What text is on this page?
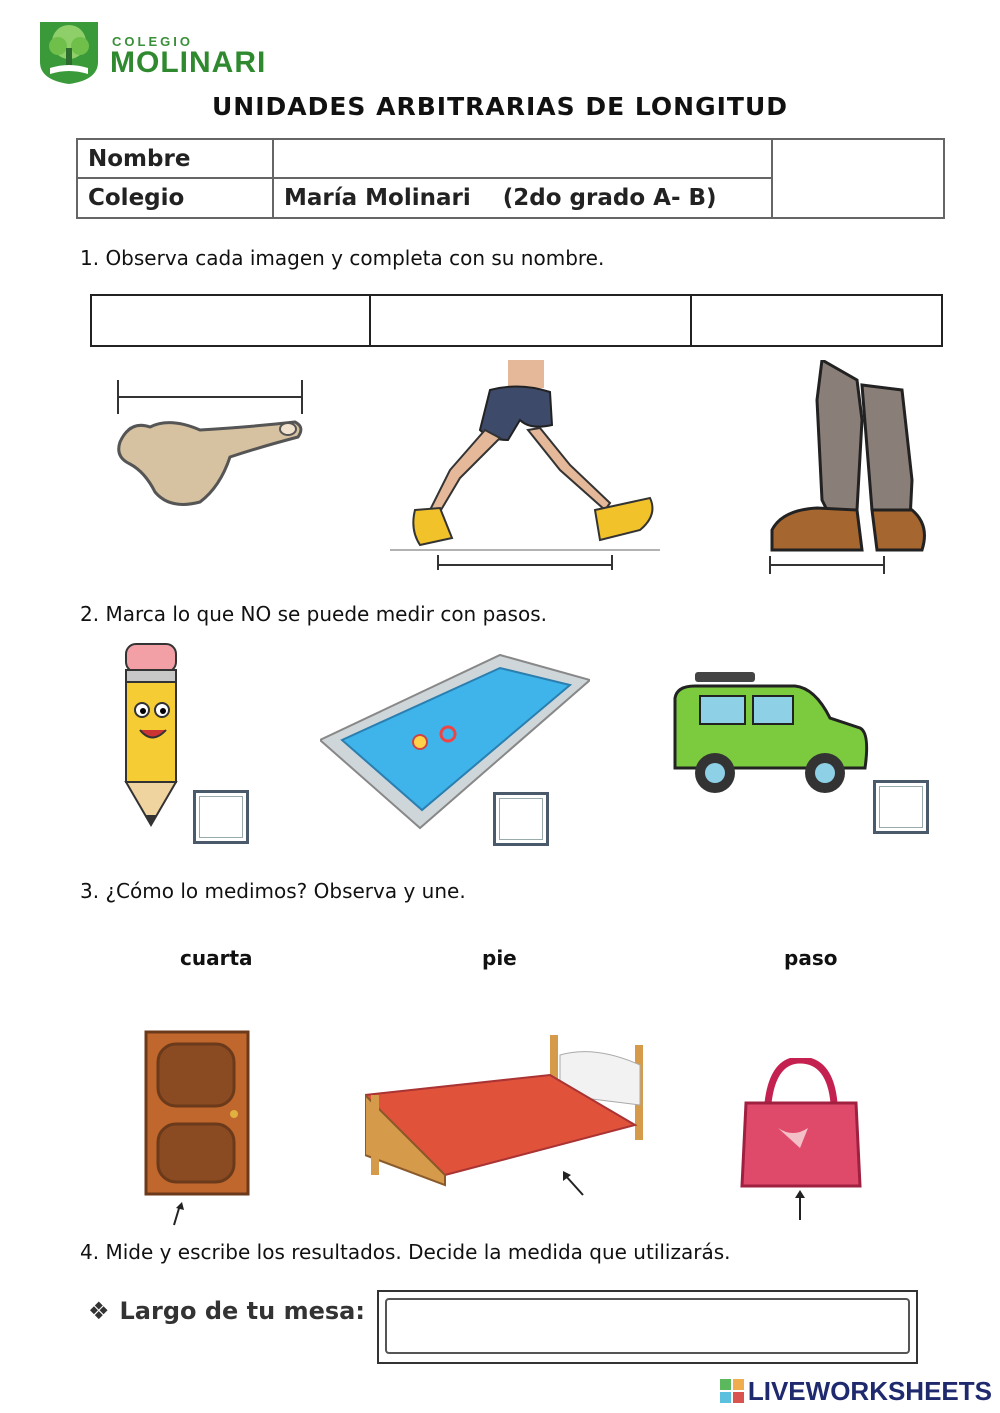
COLEGIO
MOLINARI
UNIDADES ARBITRARIAS DE LONGITUD
Nombre
Colegio	María Molinari    (2do grado A- B)
1. Observa cada imagen y completa con su nombre.
2. Marca lo que NO se puede medir con pasos.
3. ¿Cómo lo medimos? Observa y une.
cuarta	pie	paso
4. Mide y escribe los resultados. Decide la medida que utilizarás.
❖ Largo de tu mesa:
LIVEWORKSHEETS
